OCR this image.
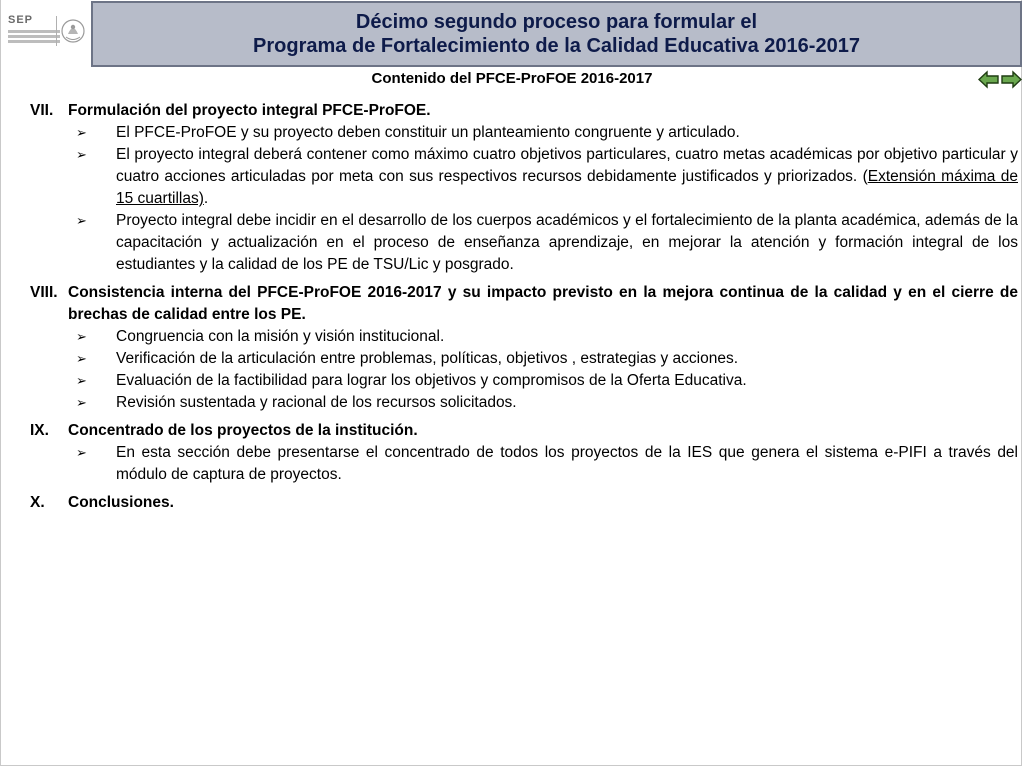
SEP	Décimo segundo proceso para formular el
Programa de Fortalecimiento de la Calidad Educativa 2016-2017
Contenido del PFCE-ProFOE 2016-2017
VII. Formulación del proyecto integral PFCE-ProFOE.
➢	El PFCE-ProFOE y su proyecto deben constituir un planteamiento congruente y articulado.
➢	El proyecto integral deberá contener como máximo cuatro objetivos particulares, cuatro metas académicas por objetivo particular y cuatro acciones articuladas por meta con sus respectivos recursos debidamente justificados y priorizados. (Extensión máxima de 15 cuartillas).
➢	Proyecto integral debe incidir en el desarrollo de los cuerpos académicos y el fortalecimiento de la planta académica, además de la capacitación y actualización en el proceso de enseñanza aprendizaje, en mejorar la atención y formación integral de los estudiantes y la calidad de los PE de TSU/Lic y posgrado.
VIII. Consistencia interna del PFCE-ProFOE 2016-2017 y su impacto previsto en la mejora continua de la calidad y en el cierre de brechas de calidad entre los PE.
➢	Congruencia con la misión y visión institucional.
➢	Verificación de la articulación entre problemas, políticas, objetivos , estrategias y acciones.
➢	Evaluación de la factibilidad para lograr los objetivos y compromisos de la Oferta Educativa.
➢	Revisión sustentada y racional de los recursos solicitados.
IX.	Concentrado de los proyectos de la institución.
➢	En esta sección debe presentarse el concentrado de todos los proyectos de la IES que genera el sistema e-PIFI a través del módulo de captura de proyectos.
X.	Conclusiones.
